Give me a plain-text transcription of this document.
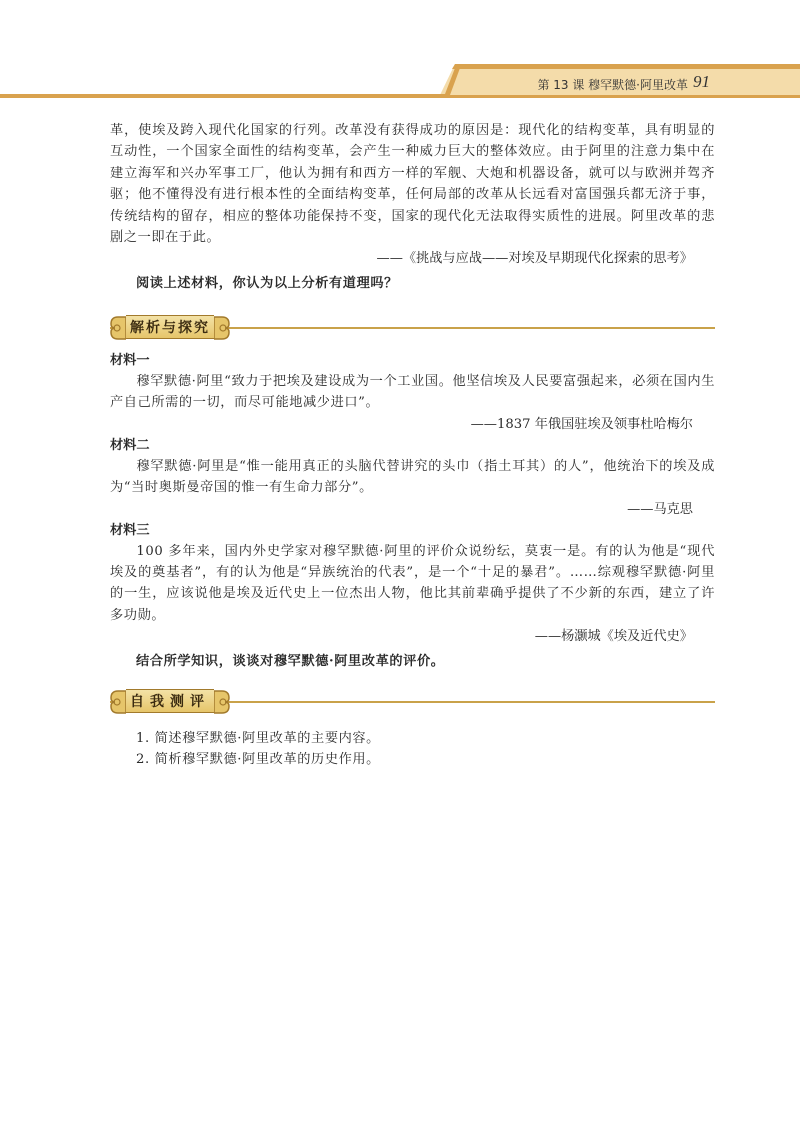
第 13 课 穆罕默德·阿里改革 91

革，使埃及跨入现代化国家的行列。改革没有获得成功的原因是：现代化的结构变革，具有明显的互动性，一个国家全面性的结构变革，会产生一种威力巨大的整体效应。由于阿里的注意力集中在建立海军和兴办军事工厂，他认为拥有和西方一样的军舰、大炮和机器设备，就可以与欧洲并驾齐驱；他不懂得没有进行根本性的全面结构变革，任何局部的改革从长远看对富国强兵都无济于事，传统结构的留存，相应的整体功能保持不变，国家的现代化无法取得实质性的进展。阿里改革的悲剧之一即在于此。

——《挑战与应战——对埃及早期现代化探索的思考》

阅读上述材料，你认为以上分析有道理吗？

解析与探究

材料一

穆罕默德·阿里“致力于把埃及建设成为一个工业国。他坚信埃及人民要富强起来，必须在国内生产自己所需的一切，而尽可能地减少进口”。

——1837 年俄国驻埃及领事杜哈梅尔

材料二

穆罕默德·阿里是“惟一能用真正的头脑代替讲究的头巾（指土耳其）的人”，他统治下的埃及成为“当时奥斯曼帝国的惟一有生命力部分”。

——马克思

材料三

100 多年来，国内外史学家对穆罕默德·阿里的评价众说纷纭，莫衷一是。有的认为他是“现代埃及的奠基者”，有的认为他是“异族统治的代表”，是一个“十足的暴君”。……综观穆罕默德·阿里的一生，应该说他是埃及近代史上一位杰出人物，他比其前辈确乎提供了不少新的东西，建立了许多功勋。

——杨灏城《埃及近代史》

结合所学知识，谈谈对穆罕默德·阿里改革的评价。

自我测评

1. 简述穆罕默德·阿里改革的主要内容。

2. 简析穆罕默德·阿里改革的历史作用。
